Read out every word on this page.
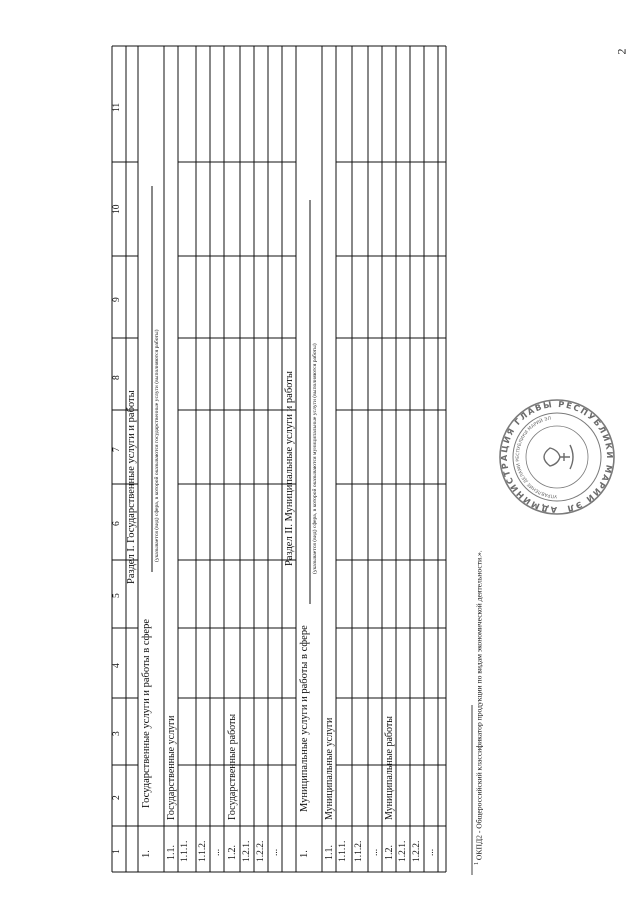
2
1
2
3
4
5
6
7
8
9
10
11
Раздел I. Государственные услуги и работы
1.
Государственные услуги и работы в сфере
(указывается (вид) сфера, в которой оказываются государственные услуги (выполняются работы)
1.1.
Государственные услуги
1.1.1. 1.1.2. ... 1.2.
Государственные работы
1.2.1. 1.2.2. ...
Раздел II. Муниципальные услуги и работы
1.
Муниципальные услуги и работы в сфере
(указывается (вид) сфера, в которой оказываются муниципальные услуги (выполняются работы)
1.1.
Муниципальные услуги
1.1.1. 1.1.2. ... 1.2.
Муниципальные работы
1.2.1. 1.2.2. ...
$^1$ ОКПД2 - Общероссийский классификатор продукции по видам экономической деятельности.».
АДМИНИСТРАЦИЯ ГЛАВЫ РЕСПУБЛИКИ МАРИЙ ЭЛ
УПРАВЛЕНИЕ ДЕЛАМИ РЕСПУБЛИКИ МАРИЙ ЭЛ
